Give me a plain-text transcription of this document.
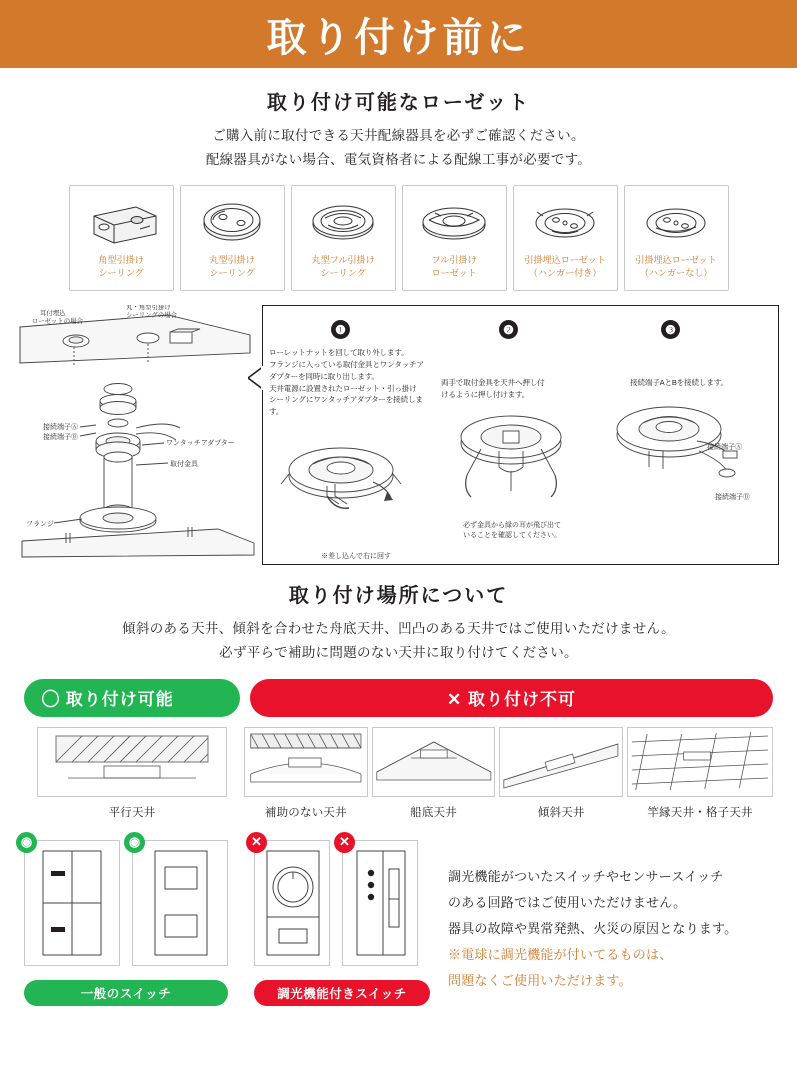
取り付け前に
取り付け可能なローゼット
ご購入前に取付できる天井配線器具を必ずご確認ください。
配線器具がない場合、電気資格者による配線工事が必要です。
角型引掛け
シーリング
丸型引掛け
シーリング
丸型フル引掛け
シーリング
フル引掛け
ローゼット
引掛埋込ローゼット
（ハンガー付き）
引掛埋込ローゼット
（ハンガーなし）
耳付埋込
ローゼットの場合
丸・角型引掛け
シーリングの場合
接続端子Ⓐ
接続端子Ⓑ
ワンタッチアダプター
取付金具
フランジ
❶
ローレットナットを回して取り外します。
フランジに入っている取付金具とワンタッチア
ダプターを同時に取り出します。
天井電源に設置されたローゼット・引っ掛け
シーリングにワンタッチアダプターを接続します。
※差し込んで右に回す
❷
両手で取付金具を天井へ押し付
けるように押し付けます。
必ず金具から緑の耳が飛び出て
いることを確認してください。
❸
接続端子AとBを接続します。
接続端子Ⓐ
接続端子Ⓑ
取り付け場所について
傾斜のある天井、傾斜を合わせた舟底天井、凹凸のある天井ではご使用いただけません。
必ず平らで補助に問題のない天井に取り付けてください。
◯ 取り付け可能	✕ 取り付け不可
平行天井	補助のない天井	船底天井	傾斜天井	竿縁天井・格子天井
◉	◉
一般のスイッチ
✕	✕
調光機能付きスイッチ
調光機能がついたスイッチやセンサースイッチ
のある回路ではご使用いただけません。
器具の故障や異常発熱、火災の原因となります。
※電球に調光機能が付いてるものは、
問題なくご使用いただけます。
